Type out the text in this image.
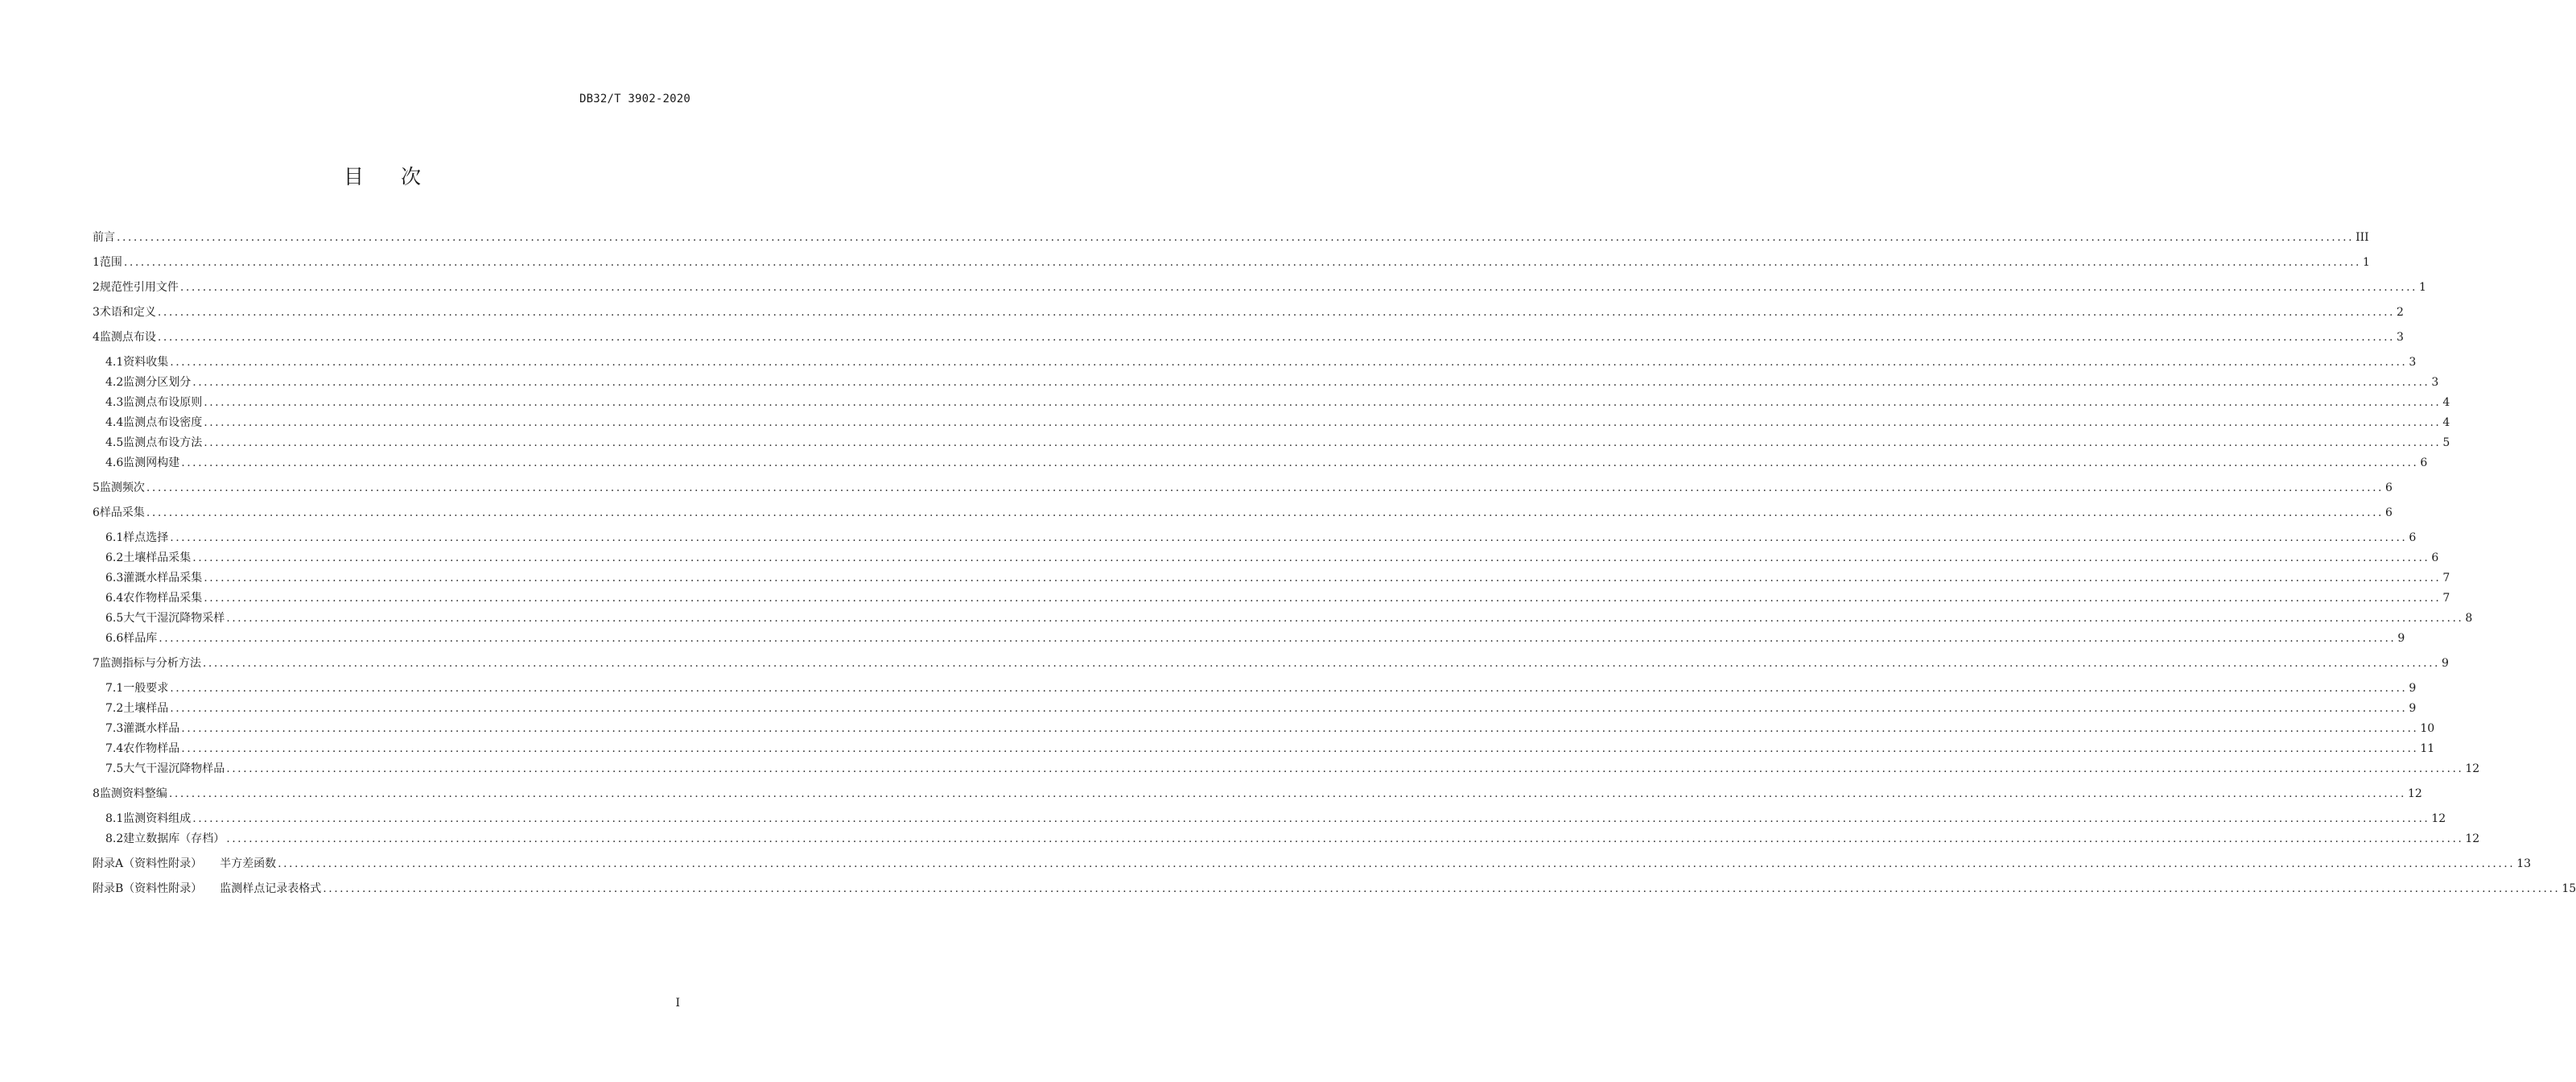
DB32/T 3902-2020
目次
前言 ................................................................................................................................................................................................................................................................................................................................................................................................................ III
1 范围 ................................................................................................................................................................................................................................................................................................................................................................................................................ 1
2 规范性引用文件 ................................................................................................................................................................................................................................................................................................................................................................................................................ 1
3 术语和定义 ................................................................................................................................................................................................................................................................................................................................................................................................................ 2
4 监测点布设 ................................................................................................................................................................................................................................................................................................................................................................................................................ 3
4.1 资料收集 ................................................................................................................................................................................................................................................................................................................................................................................................................ 3
4.2 监测分区划分 ................................................................................................................................................................................................................................................................................................................................................................................................................ 3
4.3 监测点布设原则 ................................................................................................................................................................................................................................................................................................................................................................................................................ 4
4.4 监测点布设密度 ................................................................................................................................................................................................................................................................................................................................................................................................................ 4
4.5 监测点布设方法 ................................................................................................................................................................................................................................................................................................................................................................................................................ 5
4.6 监测网构建 ................................................................................................................................................................................................................................................................................................................................................................................................................ 6
5 监测频次 ................................................................................................................................................................................................................................................................................................................................................................................................................ 6
6 样品采集 ................................................................................................................................................................................................................................................................................................................................................................................................................ 6
6.1 样点选择 ................................................................................................................................................................................................................................................................................................................................................................................................................ 6
6.2 土壤样品采集 ................................................................................................................................................................................................................................................................................................................................................................................................................ 6
6.3 灌溉水样品采集 ................................................................................................................................................................................................................................................................................................................................................................................................................ 7
6.4 农作物样品采集 ................................................................................................................................................................................................................................................................................................................................................................................................................ 7
6.5 大气干湿沉降物采样 ................................................................................................................................................................................................................................................................................................................................................................................................................ 8
6.6 样品库 ................................................................................................................................................................................................................................................................................................................................................................................................................ 9
7 监测指标与分析方法 ................................................................................................................................................................................................................................................................................................................................................................................................................ 9
7.1 一般要求 ................................................................................................................................................................................................................................................................................................................................................................................................................ 9
7.2 土壤样品 ................................................................................................................................................................................................................................................................................................................................................................................................................ 9
7.3 灌溉水样品 ................................................................................................................................................................................................................................................................................................................................................................................................................ 10
7.4 农作物样品 ................................................................................................................................................................................................................................................................................................................................................................................................................ 11
7.5 大气干湿沉降物样品 ................................................................................................................................................................................................................................................................................................................................................................................................................ 12
8 监测资料整编 ................................................................................................................................................................................................................................................................................................................................................................................................................ 12
8.1 监测资料组成 ................................................................................................................................................................................................................................................................................................................................................................................................................ 12
8.2 建立数据库（存档） ................................................................................................................................................................................................................................................................................................................................................................................................................ 12
附录A（资料性附录） 半方差函数 ................................................................................................................................................................................................................................................................................................................................................................................................................ 13
附录B（资料性附录） 监测样点记录表格式 ................................................................................................................................................................................................................................................................................................................................................................................................................ 15
I
